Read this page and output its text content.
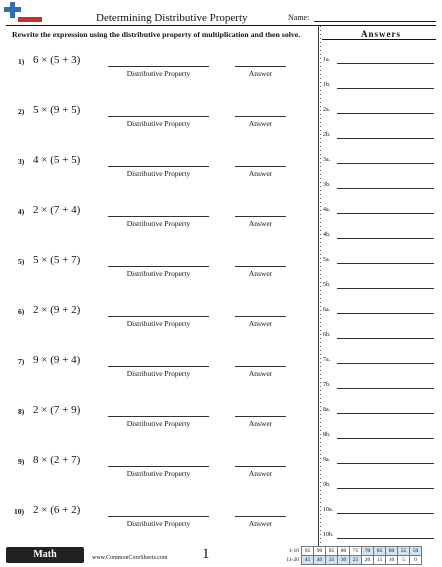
Determining Distributive Property	Name:
Rewrite the expression using the distributive property of multiplication and then solve.
1) 6 × (5 + 3)
Distributive Property	Answer
2) 5 × (9 + 5)
Distributive Property	Answer
3) 4 × (5 + 5)
Distributive Property	Answer
4) 2 × (7 + 4)
Distributive Property	Answer
5) 5 × (5 + 7)
Distributive Property	Answer
6) 2 × (9 + 2)
Distributive Property	Answer
7) 9 × (9 + 4)
Distributive Property	Answer
8) 2 × (7 + 9)
Distributive Property	Answer
9) 8 × (2 + 7)
Distributive Property	Answer
10) 2 × (6 + 2)
Distributive Property	Answer
Answers
1a.
1b.
2a.
2b.
3a.
3b.
4a.
4b.
5a.
5b.
6a.
6b.
7a.
7b.
8a.
8b.
9a.
9b.
10a.
10b.
Math	www.CommonCoreSheets.com 1	1-10	95	90	85	80	75	70	65	60	55	50
11-20	45	40	35	30	25	20	15	10	5	0
